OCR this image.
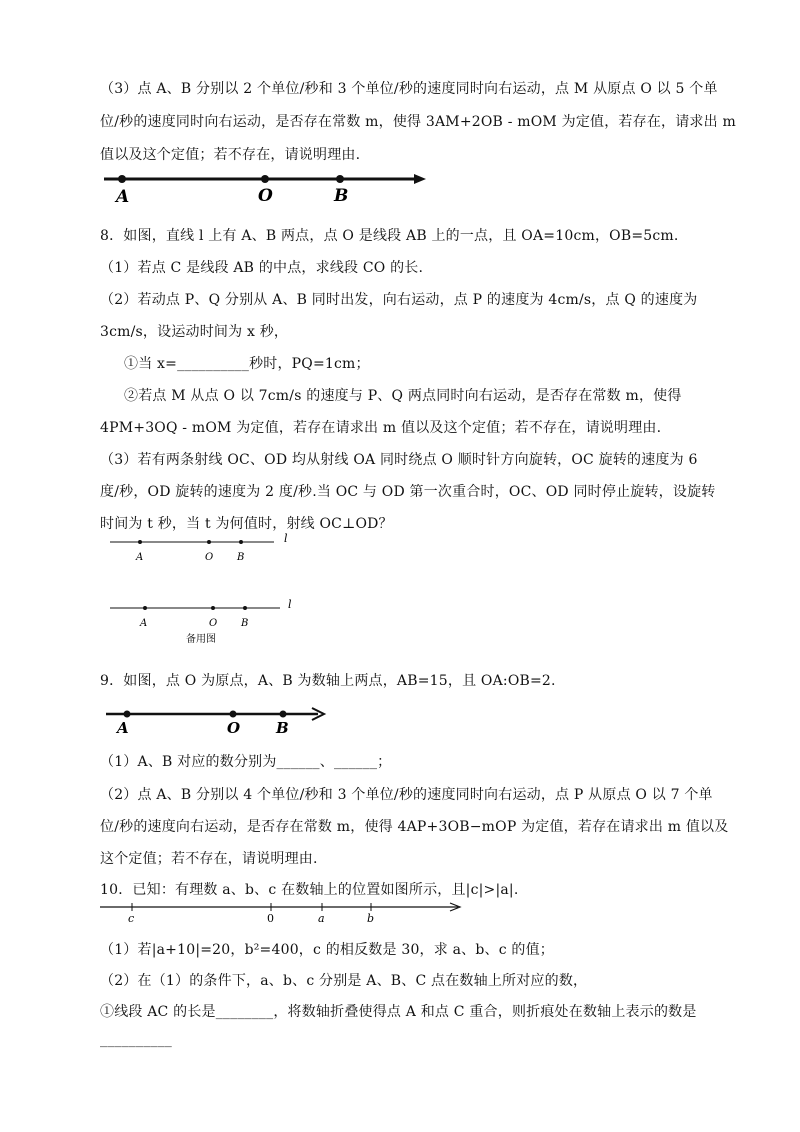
（3）点 A、B 分别以 2 个单位/秒和 3 个单位/秒的速度同时向右运动，点 M 从原点 O 以 5 个单
位/秒的速度同时向右运动，是否存在常数 m，使得 3AM+2OB - mOM 为定值，若存在，请求出 m
值以及这个定值；若不存在，请说明理由.
A	O	B
8．如图，直线 l 上有 A、B 两点，点 O 是线段 AB 上的一点，且 OA=10cm，OB=5cm.
（1）若点 C 是线段 AB 的中点，求线段 CO 的长.
（2）若动点 P、Q 分别从 A、B 同时出发，向右运动，点 P 的速度为 4cm/s，点 Q 的速度为
3cm/s，设运动时间为 x 秒，
①当 x=__________秒时，PQ=1cm；
②若点 M 从点 O 以 7cm/s 的速度与 P、Q 两点同时向右运动，是否存在常数 m，使得
4PM+3OQ - mOM 为定值，若存在请求出 m 值以及这个定值；若不存在，请说明理由.
（3）若有两条射线 OC、OD 均从射线 OA 同时绕点 O 顺时针方向旋转，OC 旋转的速度为 6
度/秒，OD 旋转的速度为 2 度/秒.当 OC 与 OD 第一次重合时，OC、OD 同时停止旋转，设旋转
时间为 t 秒，当 t 为何值时，射线 OC⊥OD？
A	O B
l
A	O B
l
备用图
9．如图，点 O 为原点，A、B 为数轴上两点，AB=15，且 OA:OB=2.
A	O B
（1）A、B 对应的数分别为______、______；
（2）点 A、B 分别以 4 个单位/秒和 3 个单位/秒的速度同时向右运动，点 P 从原点 O 以 7 个单
位/秒的速度向右运动，是否存在常数 m，使得 4AP+3OB−mOP 为定值，若存在请求出 m 值以及
这个定值；若不存在，请说明理由.
10．已知：有理数 a、b、c 在数轴上的位置如图所示，且|c|>|a|.
c	0	a	b
（1）若|a+10|=20，b²=400，c 的相反数是 30，求 a、b、c 的值；
（2）在（1）的条件下，a、b、c 分别是 A、B、C 点在数轴上所对应的数，
①线段 AC 的长是________，将数轴折叠使得点 A 和点 C 重合，则折痕处在数轴上表示的数是
__________
